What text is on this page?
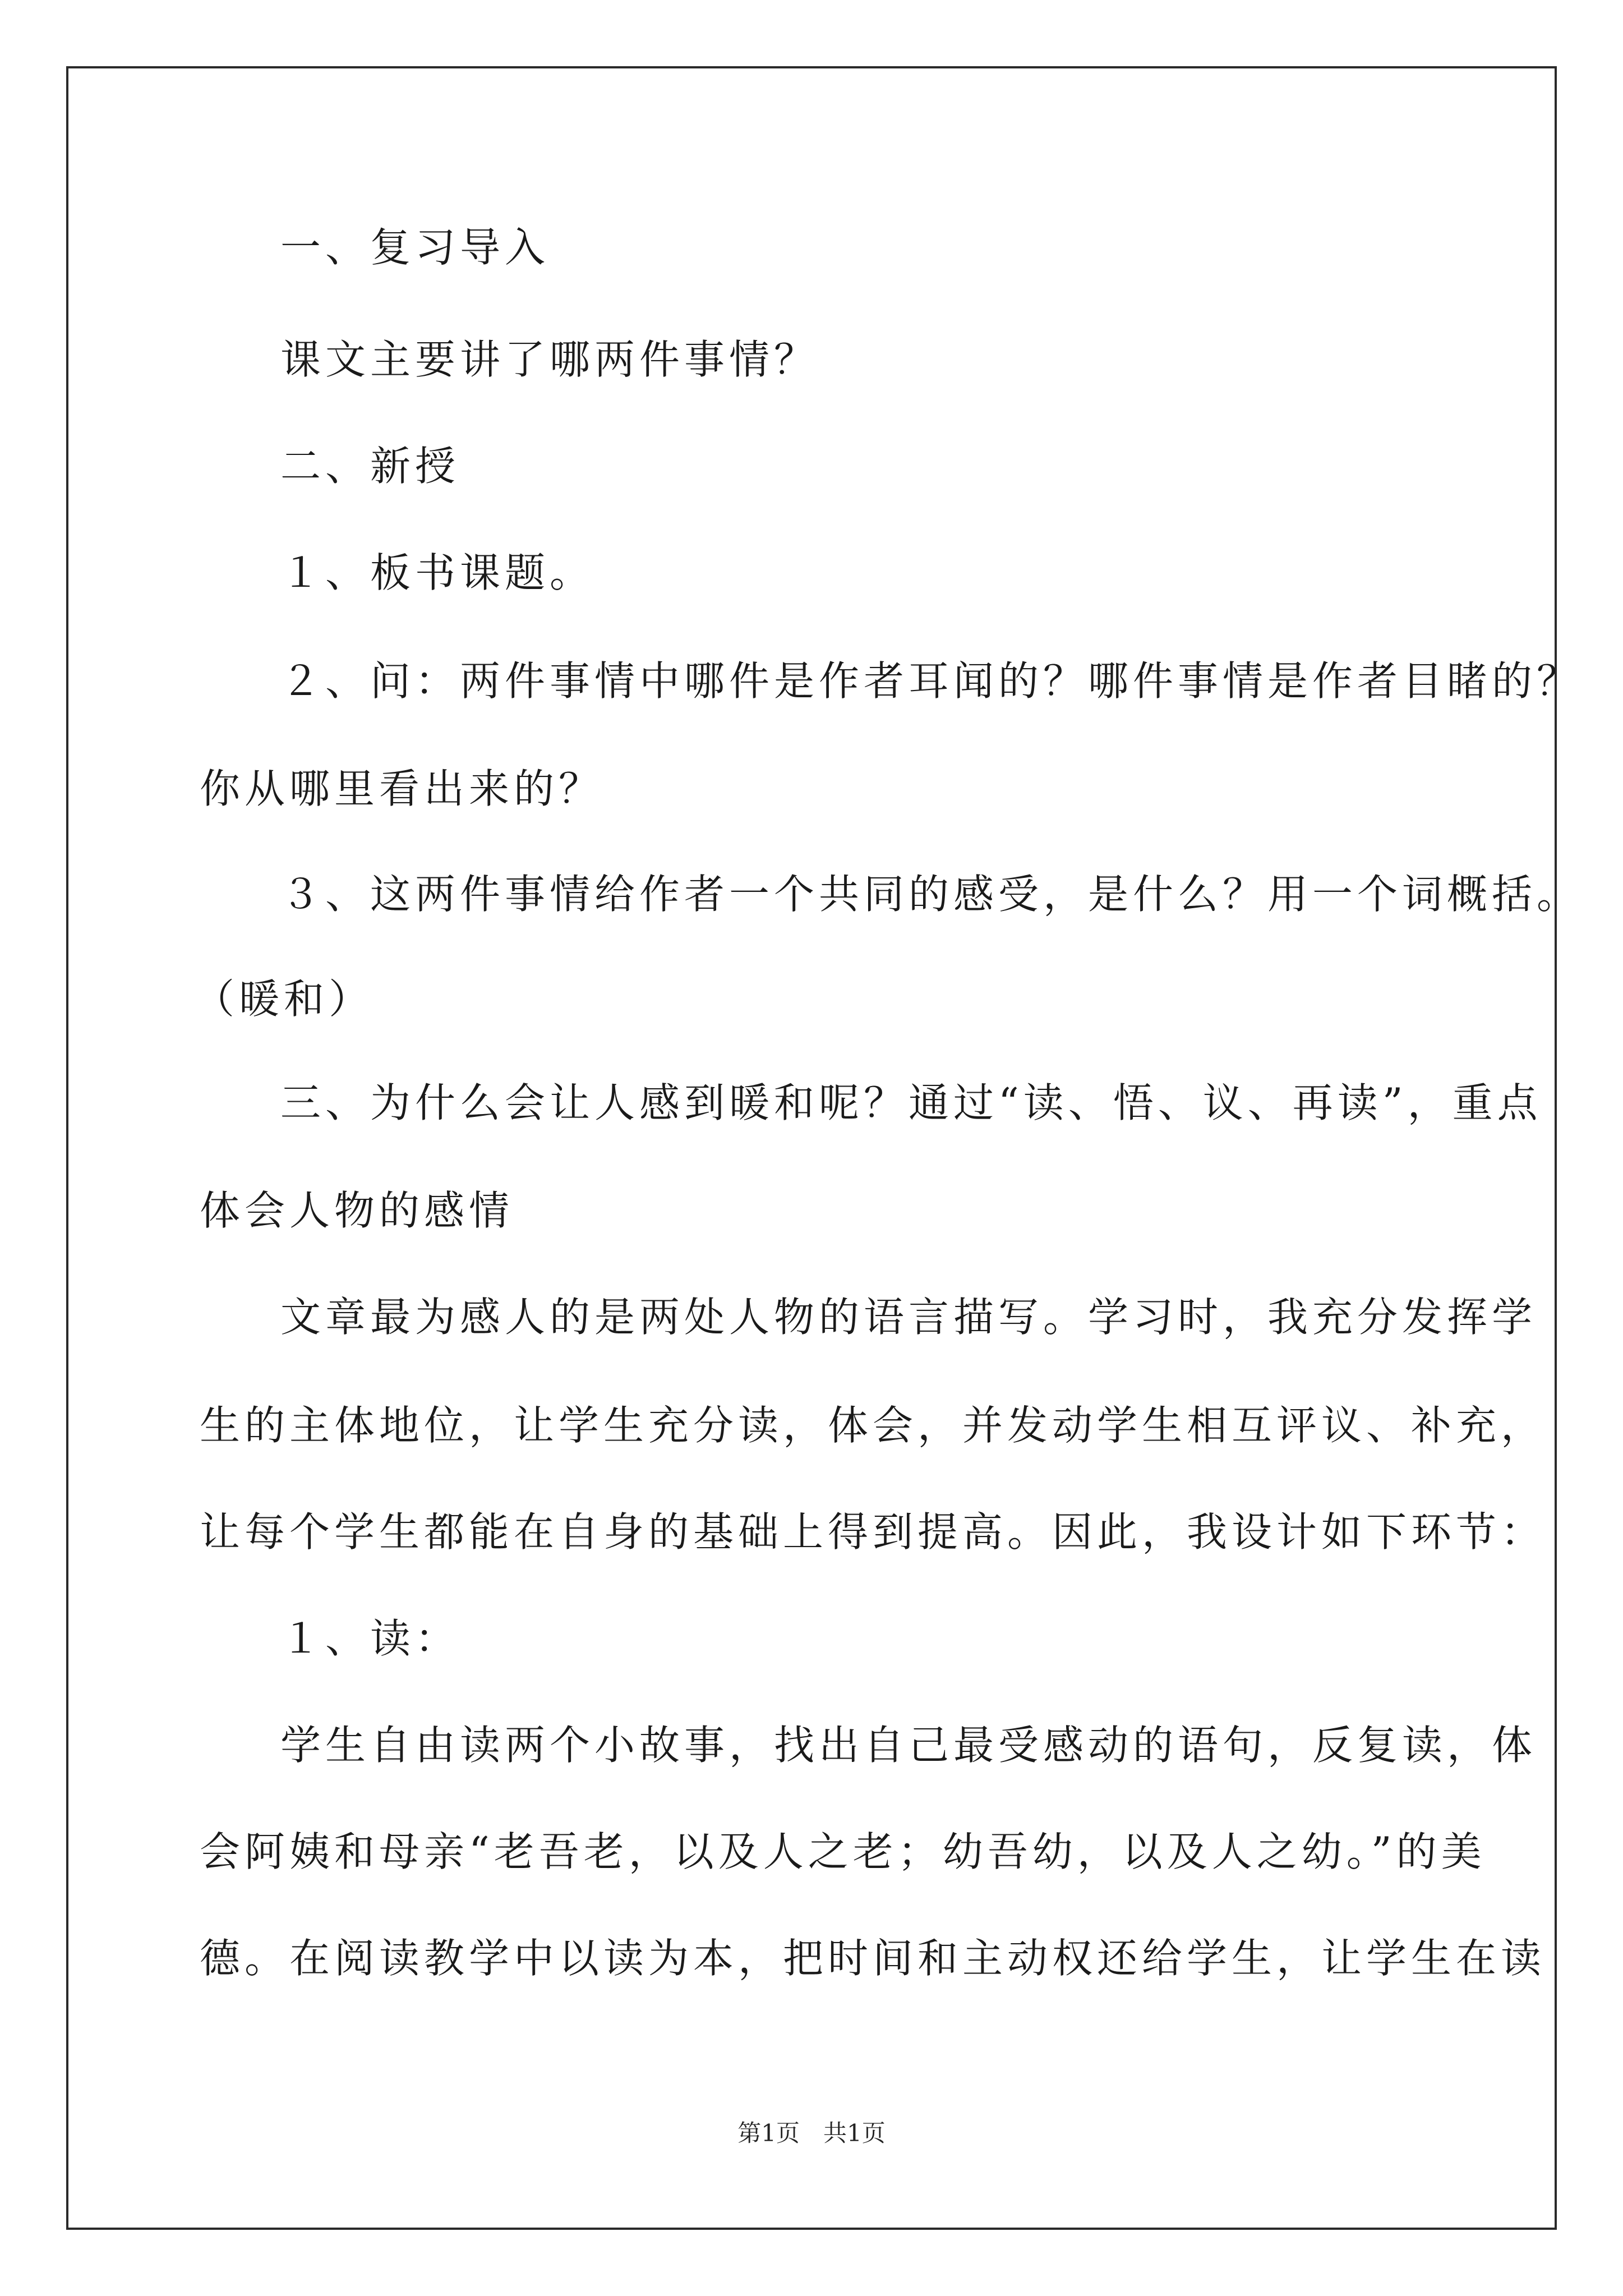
一、复习导入
课文主要讲了哪两件事情？
二、新授
１、板书课题。
２、问：两件事情中哪件是作者耳闻的？哪件事情是作者目睹的？
你从哪里看出来的？
３、这两件事情给作者一个共同的感受，是什么？用一个词概括。
（暖和）
三、为什么会让人感到暖和呢？通过“读、悟、议、再读”，重点
体会人物的感情
文章最为感人的是两处人物的语言描写。学习时，我充分发挥学
生的主体地位，让学生充分读，体会，并发动学生相互评议、补充，
让每个学生都能在自身的基础上得到提高。因此，我设计如下环节：
１、读：
学生自由读两个小故事，找出自己最受感动的语句，反复读，体
会阿姨和母亲“老吾老，以及人之老；幼吾幼，以及人之幼。”的美
德。在阅读教学中以读为本，把时间和主动权还给学生，让学生在读
第1页　共1页
